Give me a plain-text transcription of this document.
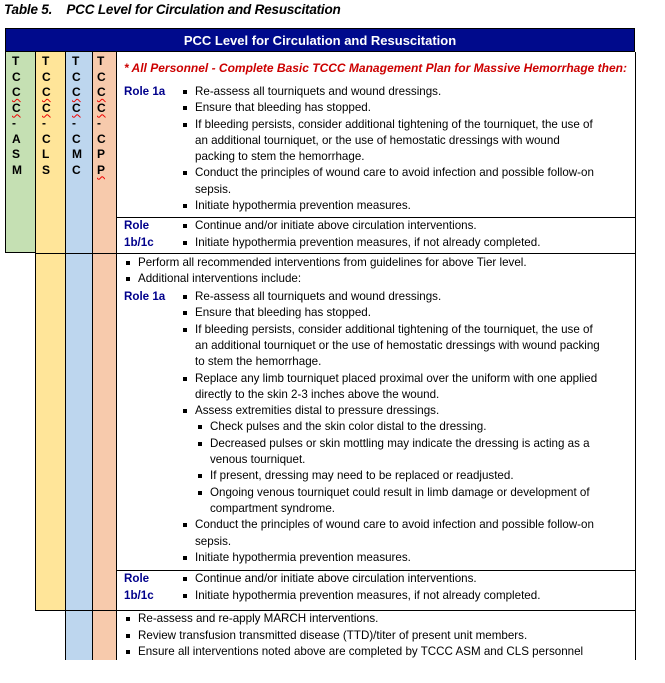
Table 5.    PCC Level for Circulation and Resuscitation
PCC Level for Circulation and Resuscitation
T
C
C
C
-
A
S
M
T
C
C
C
-
C
L
S
T
C
C
C
-
C
M
C
T
C
C
C
-
C
P
P
* All Personnel - Complete Basic TCCC Management Plan for Massive Hemorrhage then:
Role 1a	Re-assess all tourniquets and wound dressings.
Ensure that bleeding has stopped.
If bleeding persists, consider additional tightening of the tourniquet, the use of
an additional tourniquet, or the use of hemostatic dressings with wound
packing to stem the hemorrhage.
Conduct the principles of wound care to avoid infection and possible follow-on
sepsis.
Initiate hypothermia prevention measures.
Role
1b/1c
Continue and/or initiate above circulation interventions.
Initiate hypothermia prevention measures, if not already completed.
Perform all recommended interventions from guidelines for above Tier level.
Additional interventions include:
Role 1a	Re-assess all tourniquets and wound dressings.
Ensure that bleeding has stopped.
If bleeding persists, consider additional tightening of the tourniquet, the use of
an additional tourniquet or the use of hemostatic dressings with wound packing
to stem the hemorrhage.
Replace any limb tourniquet placed proximal over the uniform with one applied
directly to the skin 2-3 inches above the wound.
Assess extremities distal to pressure dressings.
Check pulses and the skin color distal to the dressing.
Decreased pulses or skin mottling may indicate the dressing is acting as a
venous tourniquet.
If present, dressing may need to be replaced or readjusted.
Ongoing venous tourniquet could result in limb damage or development of
compartment syndrome.
Conduct the principles of wound care to avoid infection and possible follow-on
sepsis.
Initiate hypothermia prevention measures.
Role
1b/1c
Continue and/or initiate above circulation interventions.
Initiate hypothermia prevention measures, if not already completed.
Re-assess and re-apply MARCH interventions.
Review transfusion transmitted disease (TTD)/titer of present unit members.
Ensure all interventions noted above are completed by TCCC ASM and CLS personnel
